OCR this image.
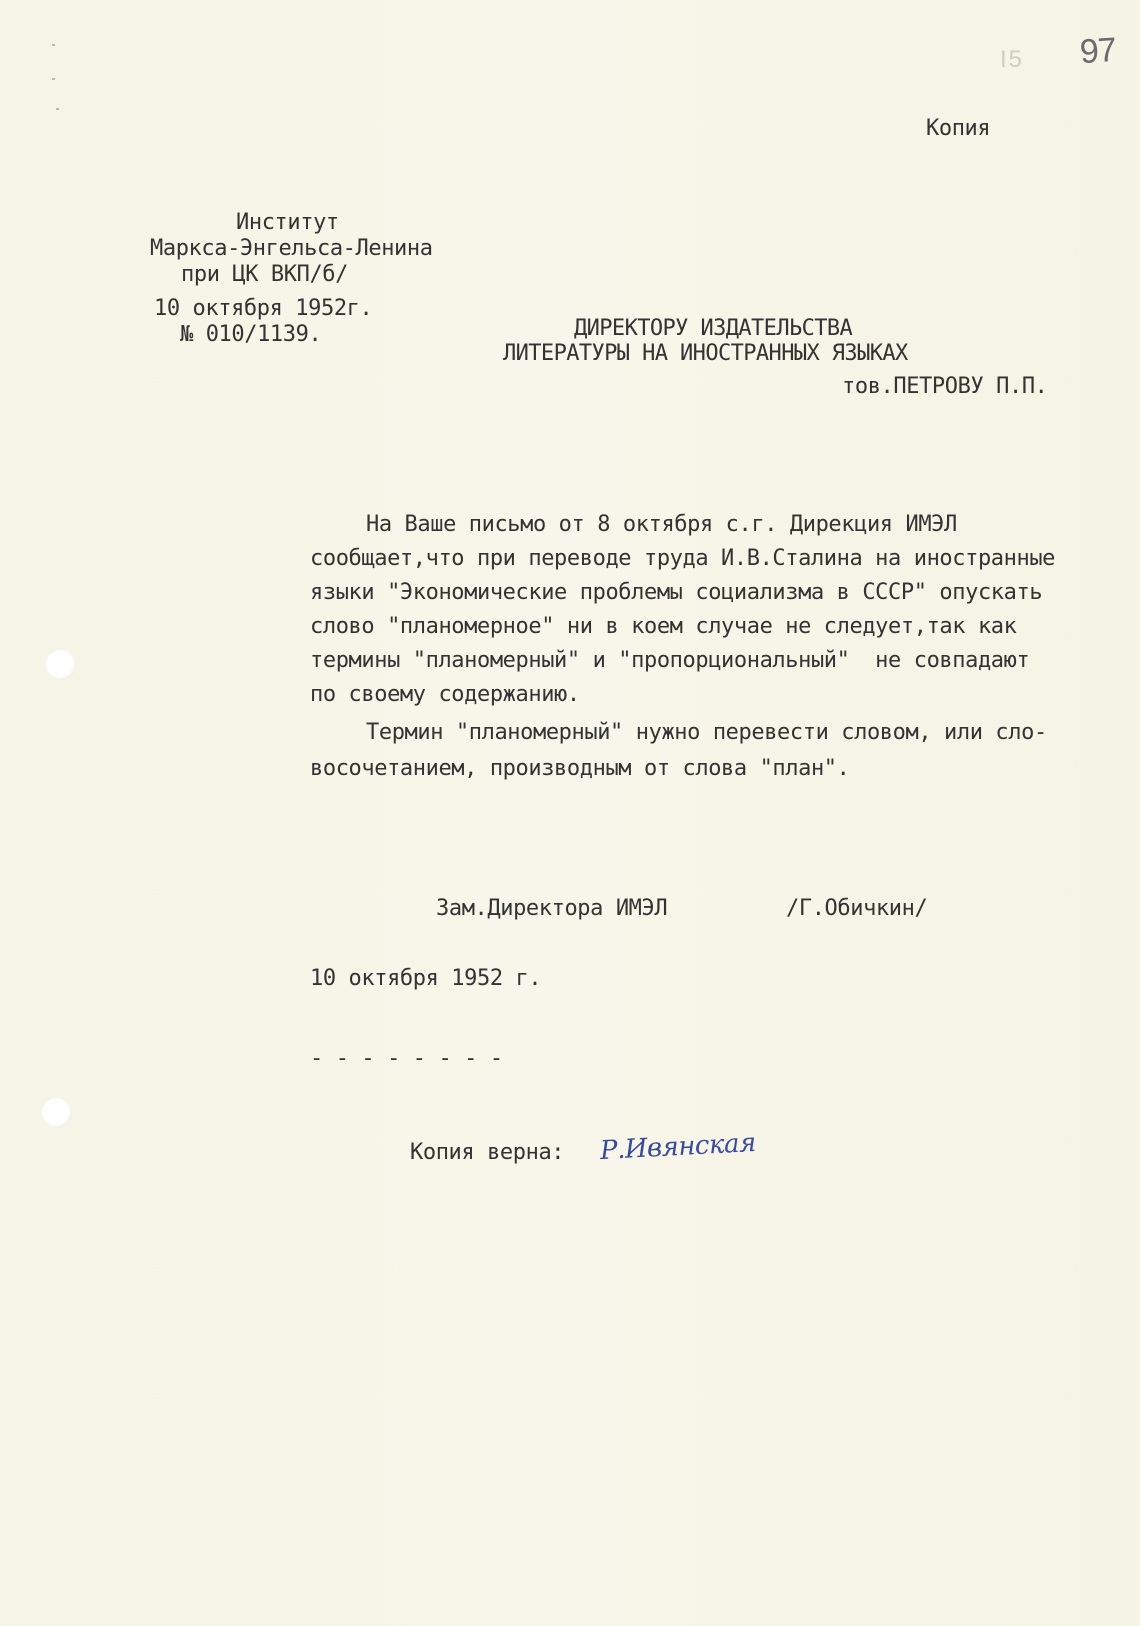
97
I5
Копия
Институт
Маркса-Энгельса-Ленина
при ЦК ВКП/б/
10 октября 1952г.
№ 010/1139.	ДИРЕКТОРУ ИЗДАТЕЛЬСТВА
ЛИТЕРАТУРЫ НА ИНОСТРАННЫХ ЯЗЫКАХ
тов.ПЕТРОВУ П.П.
На Ваше письмо от 8 октября с.г. Дирекция ИМЭЛ
сообщает,что при переводе труда И.В.Сталина на иностранные
языки "Экономические проблемы социализма в СССР" опускать
слово "планомерное" ни в коем случае не следует,так как
термины "планомерный" и "пропорциональный"  не совпадают
по своему содержанию.
Термин "планомерный" нужно перевести словом, или сло-
восочетанием, производным от слова "план".
Зам.Директора ИМЭЛ	/Г.Обичкин/
10 октября 1952 г.
- - - - - - - -
Копия верна: Р.Ивянская
